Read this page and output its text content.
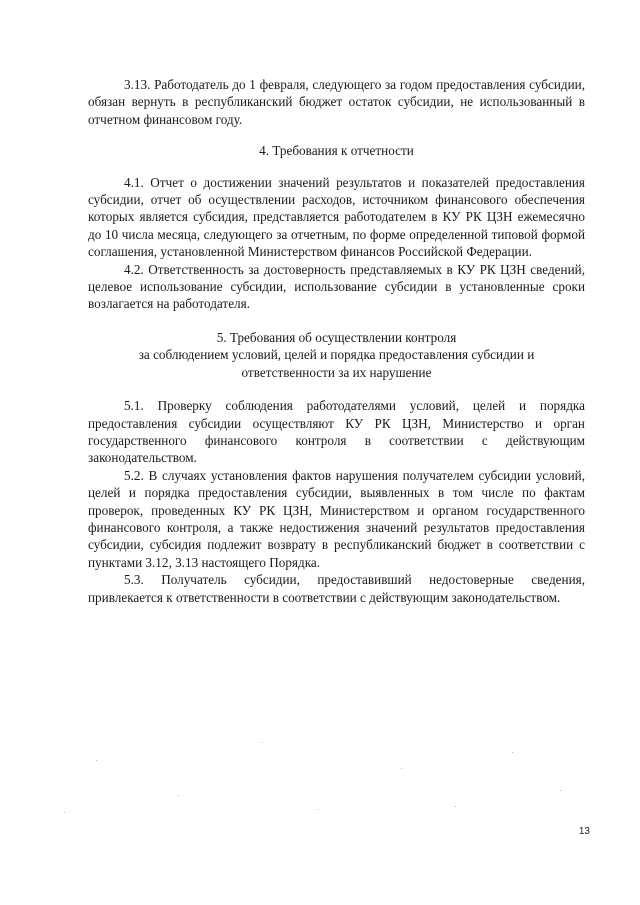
3.13. Работодатель до 1 февраля, следующего за годом предоставления субсидии, обязан вернуть в республиканский бюджет остаток субсидии, не использованный в отчетном финансовом году.

4. Требования к отчетности

4.1. Отчет о достижении значений результатов и показателей предоставления субсидии, отчет об осуществлении расходов, источником финансового обеспечения которых является субсидия, представляется работодателем в КУ РК ЦЗН ежемесячно до 10 числа месяца, следующего за отчетным, по форме определенной типовой формой соглашения, установленной Министерством финансов Российской Федерации.

4.2. Ответственность за достоверность представляемых в КУ РК ЦЗН сведений, целевое использование субсидии, использование субсидии в установленные сроки возлагается на работодателя.

5. Требования об осуществлении контроля

за соблюдением условий, целей и порядка предоставления субсидии и

ответственности за их нарушение

5.1. Проверку соблюдения работодателями условий, целей и порядка предоставления субсидии осуществляют КУ РК ЦЗН, Министерство и орган государственного финансового контроля в соответствии с действующим законодательством.

5.2. В случаях установления фактов нарушения получателем субсидии условий, целей и порядка предоставления субсидии, выявленных в том числе по фактам проверок, проведенных КУ РК ЦЗН, Министерством и органом государственного финансового контроля, а также недостижения значений результатов предоставления субсидии, субсидия подлежит возврату в республиканский бюджет в соответствии с пунктами 3.12, 3.13 настоящего Порядка.

5.3. Получатель субсидии, предоставивший недостоверные сведения, привлекается к ответственности в соответствии с действующим законодательством.

13
